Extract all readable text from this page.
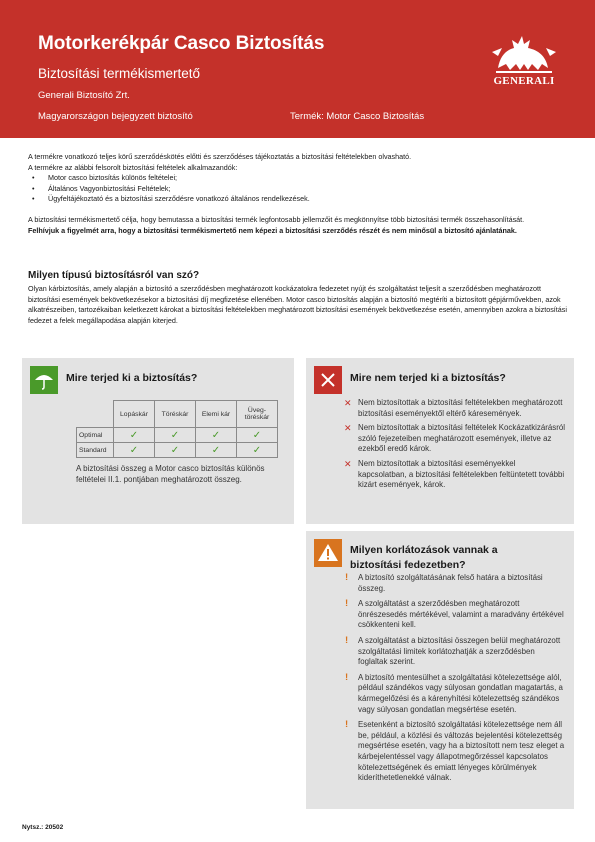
Motorkerékpár Casco Biztosítás
Biztosítási termékismertető
Generali Biztosító Zrt.
Magyarországon bejegyzett biztosító	Termék: Motor Casco Biztosítás
GENERALI

A termékre vonatkozó teljes körű szerződéskötés előtti és szerződéses tájékoztatás a biztosítási feltételekben olvasható.

A termékre az alábbi felsorolt biztosítási feltételek alkalmazandók:

• Motor casco biztosítás különös feltételei;
• Általános Vagyonbiztosítási Feltételek;
• Ügyfeltájékoztató és a biztosítási szerződésre vonatkozó általános rendelkezések.

A biztosítási termékismertető célja, hogy bemutassa a biztosítási termék legfontosabb jellemzőit és megkönnyítse több biztosítási termék összehasonlítását.

Felhívjuk a figyelmét arra, hogy a biztosítási termékismertető nem képezi a biztosítási szerződés részét és nem minősül a biztosító ajánlatának.

Milyen típusú biztosításról van szó?

Olyan kárbiztosítás, amely alapján a biztosító a szerződésben meghatározott kockázatokra fedezetet nyújt és szolgáltatást teljesít a szerződésben meghatározott biztosítási események bekövetkezésekor a biztosítási díj megfizetése ellenében. Motor casco biztosítás alapján a biztosító megtéríti a biztosított gépjárművekben, azok alkatrészeiben, tartozékaiban keletkezett károkat a biztosítási feltételekben meghatározott biztosítási események bekövetkezése esetén, amennyiben azokra a biztosítási fedezet a felek megállapodása alapján kiterjed.

Mire terjed ki a biztosítás?
	Lopáskár	Töréskár	Elemi kár	Üveg-töréskár
Optimal	✓	✓	✓	✓
Standard	✓	✓	✓	✓
A biztosítási összeg a Motor casco biztosítás különös feltételei II.1. pontjában meghatározott összeg.
Mire nem terjed ki a biztosítás?
✕ Nem biztosítottak a biztosítási feltételekben meghatározott biztosítási eseményektől eltérő káresemények.
✕ Nem biztosítottak a biztosítási feltételek Kockázatkizárásról szóló fejezeteiben meghatározott események, illetve az ezekből eredő károk.
✕ Nem biztosítottak a biztosítási eseményekkel kapcsolatban, a biztosítási feltételekben feltüntetett további kizárt események, károk.
Milyen korlátozások vannak a biztosítási fedezetben?
! A biztosító szolgáltatásának felső határa a biztosítási összeg.
! A szolgáltatást a szerződésben meghatározott önrészesedés mértékével, valamint a maradvány értékével csökkenteni kell.
! A szolgáltatást a biztosítási összegen belül meghatározott szolgáltatási limitek korlátozhatják a szerződésben foglaltak szerint.
! A biztosító mentesülhet a szolgáltatási kötelezettsége alól, például szándékos vagy súlyosan gondatlan magatartás, a kármegelőzési és a kárenyhítési kötelezettség szándékos vagy súlyosan gondatlan megsértése esetén.
! Esetenként a biztosító szolgáltatási kötelezettsége nem áll be, például, a közlési és változás bejelentési kötelezettség megsértése esetén, vagy ha a biztosított nem tesz eleget a kárbejelentéssel vagy állapotmegőrzéssel kapcsolatos kötelezettségének és emiatt lényeges körülmények kideríthetetlenekké válnak.
Nytsz.: 20502
